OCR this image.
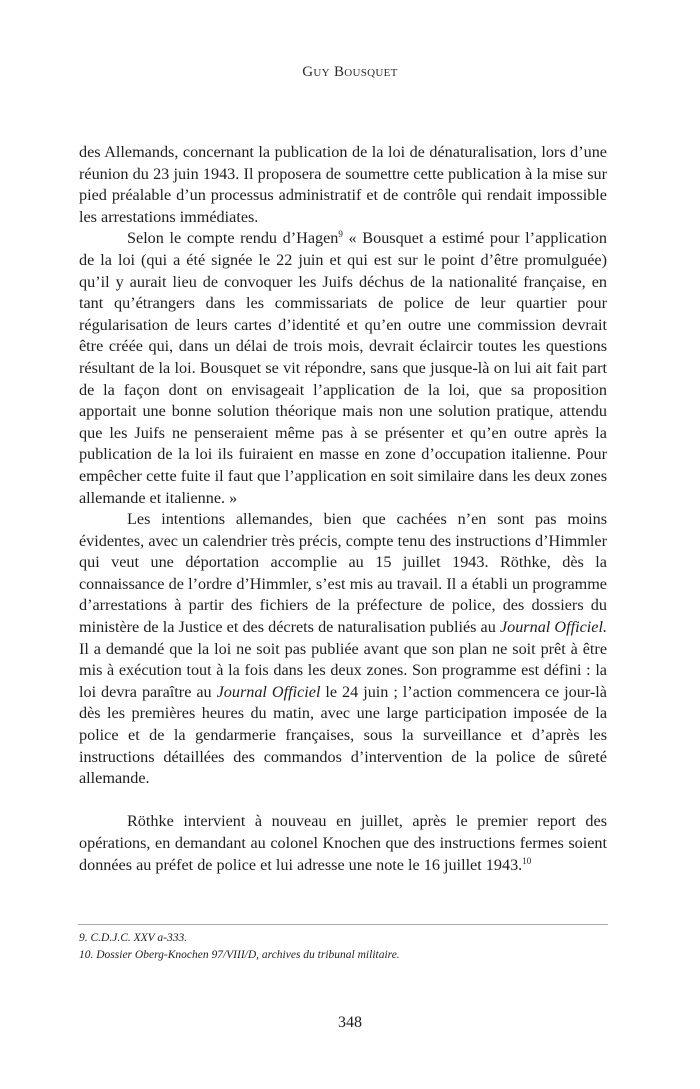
Guy Bousquet

des Allemands, concernant la publication de la loi de dénaturalisation, lors d’une réunion du 23 juin 1943. Il proposera de soumettre cette publication à la mise sur pied préalable d’un processus administratif et de contrôle qui rendait impossible les arrestations immédiates.

Selon le compte rendu d’Hagen$^9$ « Bousquet a estimé pour l’application de la loi (qui a été signée le 22 juin et qui est sur le point d’être promulguée) qu’il y aurait lieu de convoquer les Juifs déchus de la nationalité française, en tant qu’étrangers dans les commissariats de police de leur quartier pour régularisation de leurs cartes d’identité et qu’en outre une commission devrait être créée qui, dans un délai de trois mois, devrait éclaircir toutes les questions résultant de la loi. Bousquet se vit répondre, sans que jusque-là on lui ait fait part de la façon dont on envisageait l’application de la loi, que sa proposition apportait une bonne solution théorique mais non une solution pratique, attendu que les Juifs ne penseraient même pas à se présenter et qu’en outre après la publication de la loi ils fuiraient en masse en zone d’occupation italienne. Pour empêcher cette fuite il faut que l’application en soit similaire dans les deux zones allemande et italienne. »

Les intentions allemandes, bien que cachées n’en sont pas moins évidentes, avec un calendrier très précis, compte tenu des instructions d’Himmler qui veut une déportation accomplie au 15 juillet 1943. Röthke, dès la connaissance de l’ordre d’Himmler, s’est mis au travail. Il a établi un programme d’arrestations à partir des fichiers de la préfecture de police, des dossiers du ministère de la Justice et des décrets de naturalisation publiés au Journal Officiel. Il a demandé que la loi ne soit pas publiée avant que son plan ne soit prêt à être mis à exécution tout à la fois dans les deux zones. Son programme est défini : la loi devra paraître au Journal Officiel le 24 juin ; l’action commencera ce jour-là dès les premières heures du matin, avec une large participation imposée de la police et de la gendarmerie françaises, sous la surveillance et d’après les instructions détaillées des commandos d’intervention de la police de sûreté allemande.

Röthke intervient à nouveau en juillet, après le premier report des opérations, en demandant au colonel Knochen que des instructions fermes soient données au préfet de police et lui adresse une note le 16 juillet 1943.10

9. C.D.J.C. XXV a-333.

10. Dossier Oberg-Knochen 97/VIII/D, archives du tribunal militaire.

348
